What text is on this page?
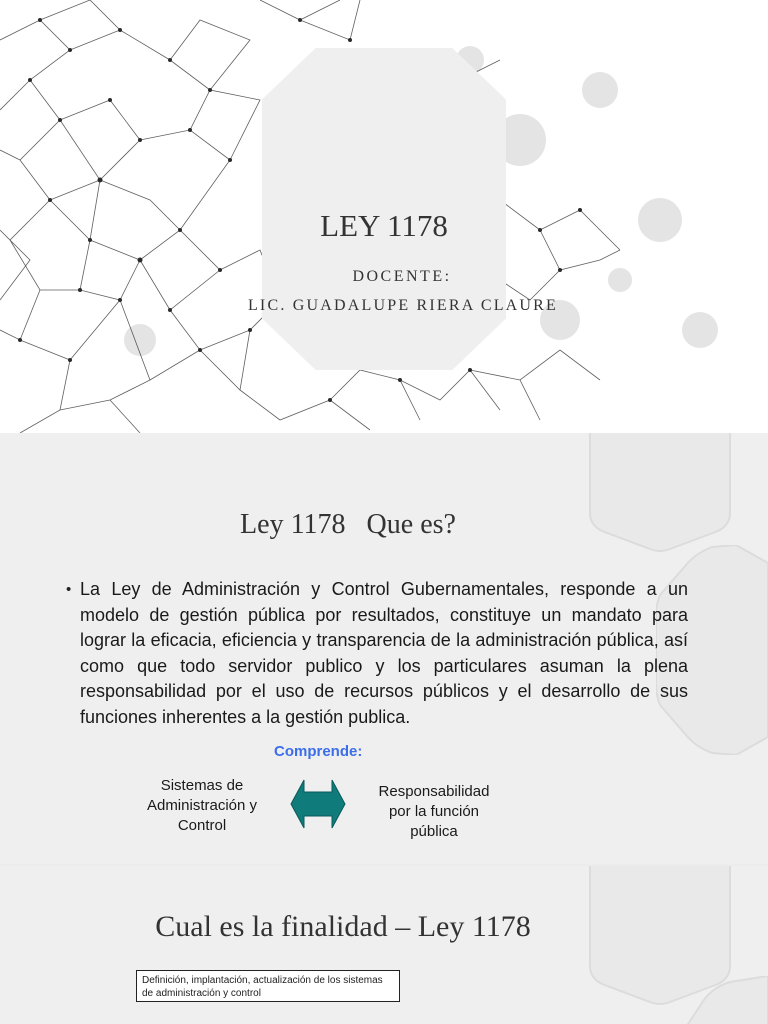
LEY 1178
DOCENTE:
LIC. GUADALUPE RIERA CLAURE
Ley 1178   Que es?
• La Ley de Administración y Control Gubernamentales, responde a un modelo de gestión pública por resultados, constituye un mandato para lograr la eficacia, eficiencia y transparencia de la administración pública, así como que todo servidor publico y los particulares asuman la plena responsabilidad por el uso de recursos públicos y el desarrollo de sus funciones inherentes a la gestión publica.
Comprende:
Sistemas de Administración y Control
Responsabilidad por la función pública
Cual es la finalidad – Ley 1178
Definición, implantación, actualización de los sistemas de administración y control
